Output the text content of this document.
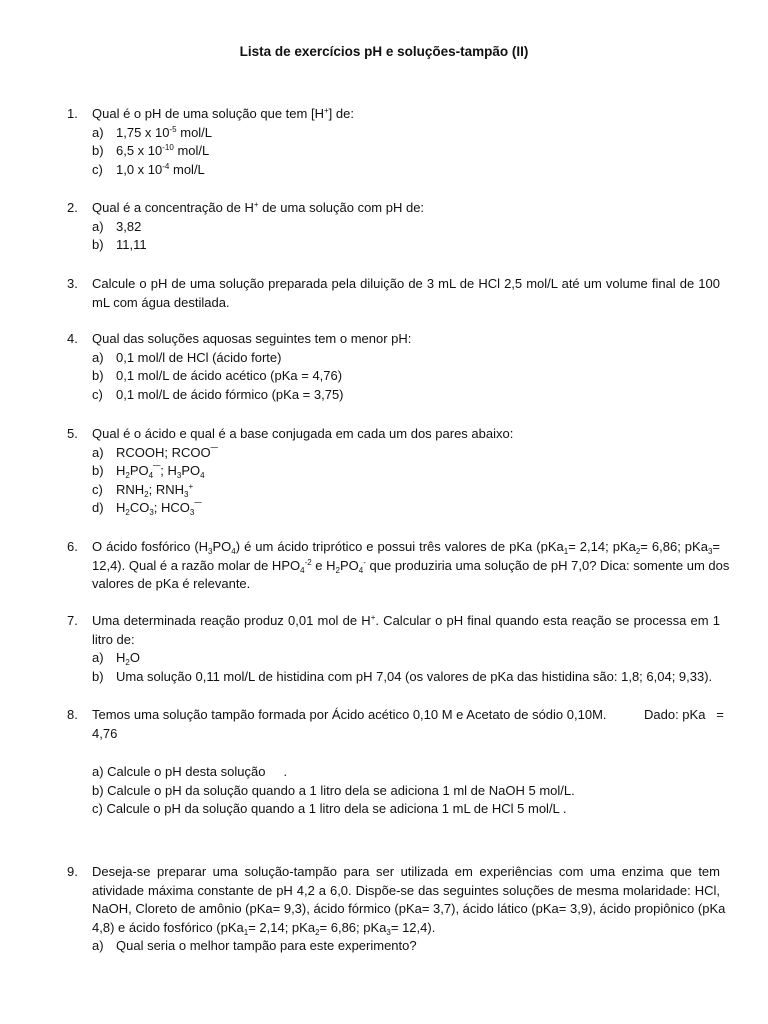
Lista de exercícios pH e soluções-tampão (II)
1. Qual é o pH de uma solução que tem [H+] de:
a) 1,75 x $10^{-5}$ mol/L
b) 6,5 x $10^{-10}$ mol/L
c) 1,0 x $10^{-4}$ mol/L
2. Qual é a concentração de H+ de uma solução com pH de:
a) 3,82
b) 11,11
3. Calcule o pH de uma solução preparada pela diluição de 3 mL de HCl 2,5 mol/L até um volume final de 100
mL com água destilada.
4. Qual das soluções aquosas seguintes tem o menor pH:
a) 0,1 mol/l de HCl (ácido forte)
b) 0,1 mol/L de ácido acético (pKa = 4,76)
c) 0,1 mol/L de ácido fórmico (pKa = 3,75)
5. Qual é o ácido e qual é a base conjugada em cada um dos pares abaixo:
a) RCOOH; RCOO¯
b) $H_2PO_4¯$; $H_3PO_4$
c) $RNH_2$; $RNH_3^+$
d) $H_2CO_3$; $HCO_3¯$
6. O ácido fosfórico $(H_3PO_4)$ é um ácido triprótico e possui três valores de pKa (pKa$_1$= 2,14; pKa$_2$= 6,86; pKa$_3$=
12,4). Qual é a razão molar de $HPO_4^{-2}$ e $H_2PO_4^-$ que produziria uma solução de pH 7,0? Dica: somente um dos
valores de pKa é relevante.
7. Uma determinada reação produz 0,01 mol de H+. Calcular o pH final quando esta reação se processa em 1
litro de:
a) $H_2O$
b) Uma solução 0,11 mol/L de histidina com pH 7,04 (os valores de pKa das histidina são: 1,8; 6,04; 9,33).
8. Temos uma solução tampão formada por Ácido acético 0,10 M e Acetato de sódio 0,10M.	Dado: pKa   =
4,76
a) Calcule o pH desta solução     .
b) Calcule o pH da solução quando a 1 litro dela se adiciona 1 ml de NaOH 5 mol/L.
c) Calcule o pH da solução quando a 1 litro dela se adiciona 1 mL de HCl 5 mol/L .
9. Deseja-se preparar uma solução-tampão para ser utilizada em experiências com uma enzima que tem
atividade máxima constante de pH 4,2 a 6,0. Dispõe-se das seguintes soluções de mesma molaridade: HCl,
NaOH, Cloreto de amônio (pKa= 9,3), ácido fórmico (pKa= 3,7), ácido lático (pKa= 3,9), ácido propiônico (pKa
4,8) e ácido fosfórico (pKa$_1$= 2,14; pKa$_2$= 6,86; pKa$_3$= 12,4).
a) Qual seria o melhor tampão para este experimento?
